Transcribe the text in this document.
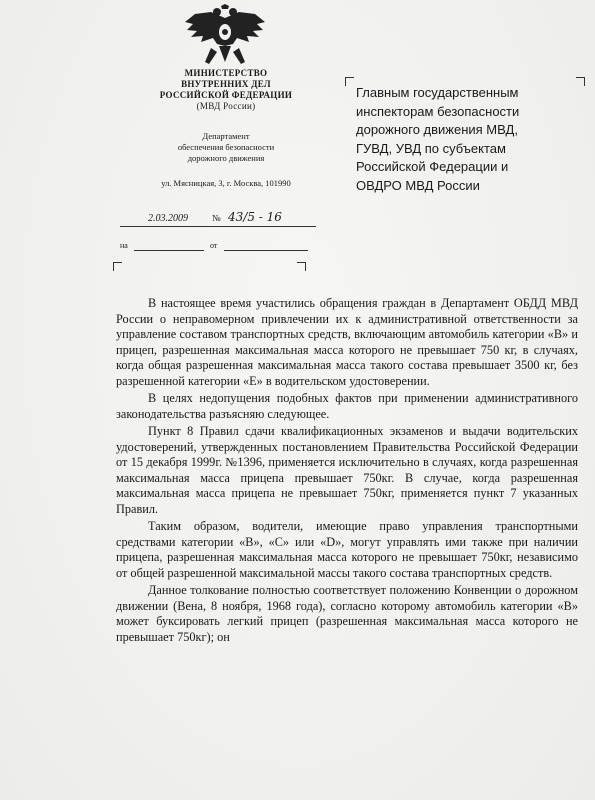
МИНИСТЕРСТВО
ВНУТРЕННИХ ДЕЛ
РОССИЙСКОЙ ФЕДЕРАЦИИ
(МВД России)
Департамент
обеспечения безопасности
дорожного движения
ул. Мясницкая, 3, г. Москва, 101990
2.03.2009	№ 43/5 - 16
на	от
Главным государственным
инспекторам безопасности
дорожного движения МВД,
ГУВД, УВД по субъектам
Российской Федерации и
ОВДРО МВД России

В настоящее время участились обращения граждан в Департамент ОБДД МВД России о неправомерном привлечении их к административной ответственности за управление составом транспортных средств, включающим автомобиль категории «В» и прицеп, разрешенная максимальная масса которого не превышает 750 кг, в случаях, когда общая разрешенная максимальная масса такого состава превышает 3500 кг, без разрешенной категории «Е» в водительском удостоверении.

В целях недопущения подобных фактов при применении административного законодательства разъясняю следующее.

Пункт 8 Правил сдачи квалификационных экзаменов и выдачи водительских удостоверений, утвержденных постановлением Правительства Российской Федерации от 15 декабря 1999г. №1396, применяется исключительно в случаях, когда разрешенная максимальная масса прицепа превышает 750кг. В случае, когда разрешенная максимальная масса прицепа не превышает 750кг, применяется пункт 7 указанных Правил.

Таким образом, водители, имеющие право управления транспортными средствами категории «В», «С» или «D», могут управлять ими также при наличии прицепа, разрешенная максимальная масса которого не превышает 750кг, независимо от общей разрешенной максимальной массы такого состава транспортных средств.

Данное толкование полностью соответствует положению Конвенции о дорожном движении (Вена, 8 ноября, 1968 года), согласно которому автомобиль категории «В» может буксировать легкий прицеп (разрешенная максимальная масса которого не превышает 750кг); он
